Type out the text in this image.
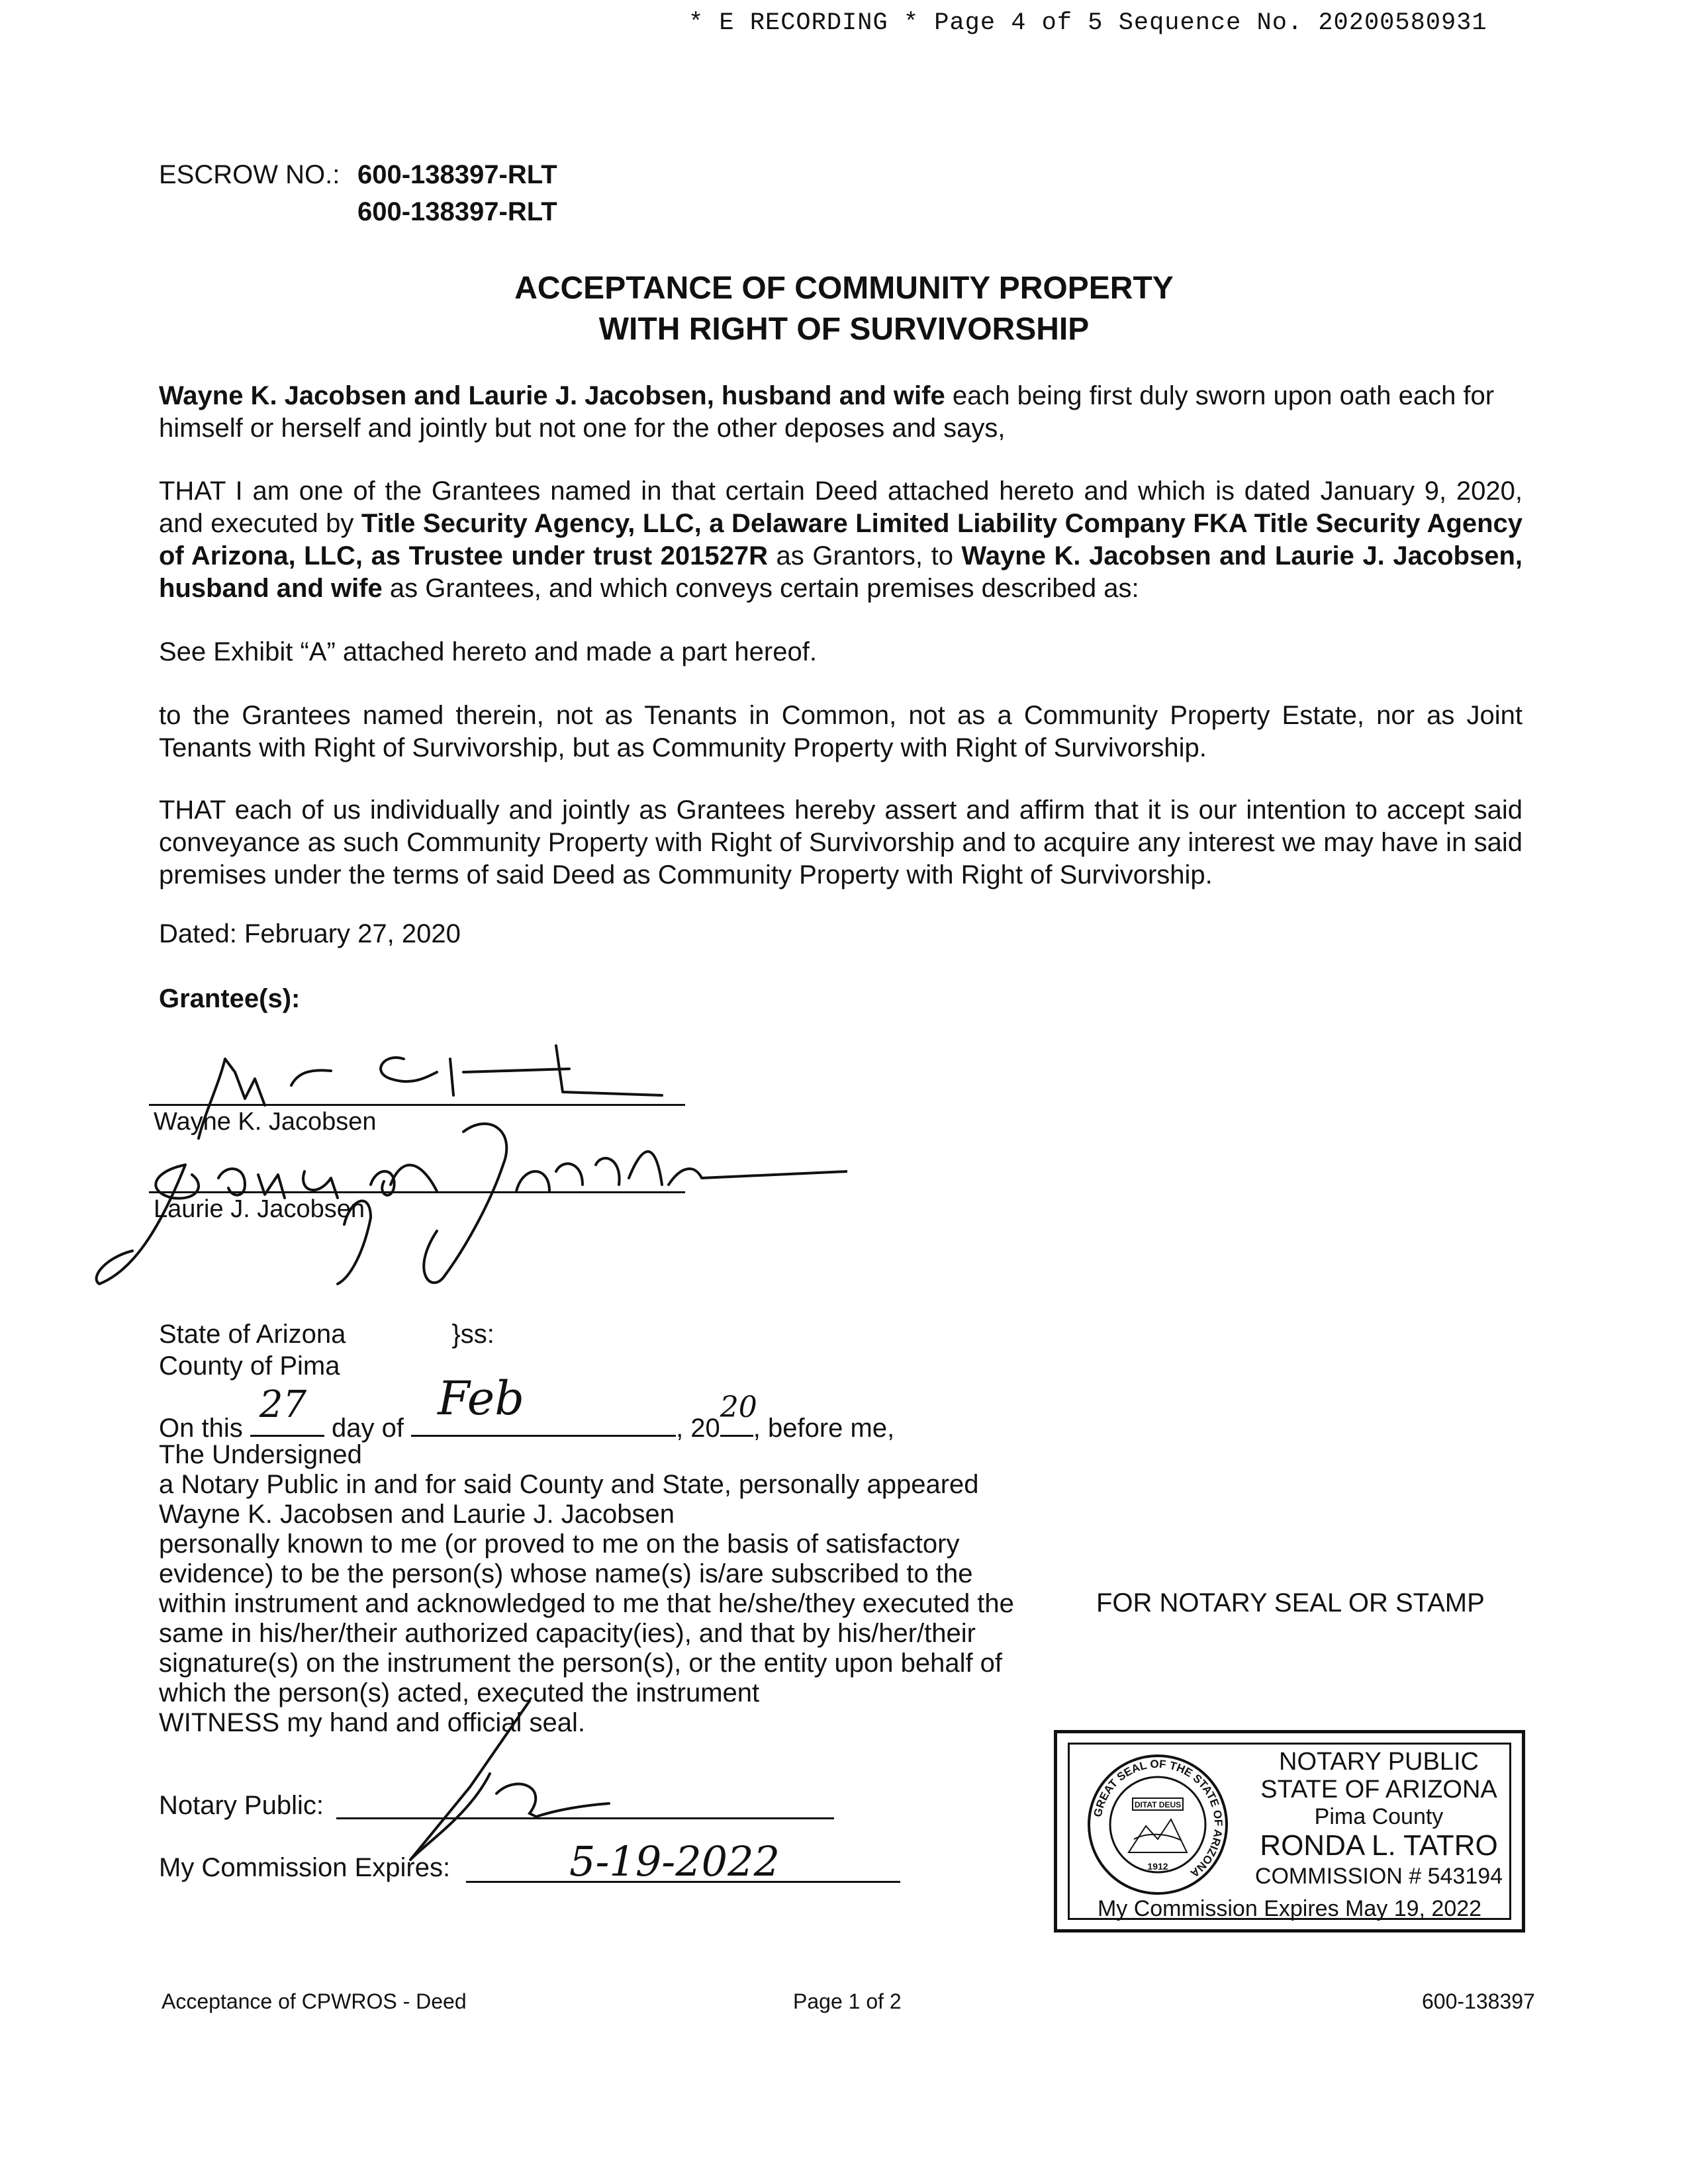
* E RECORDING * Page 4 of 5 Sequence No. 20200580931
ESCROW NO.: 600-138397-RLT
600-138397-RLT
ACCEPTANCE OF COMMUNITY PROPERTY
WITH RIGHT OF SURVIVORSHIP
Wayne K. Jacobsen and Laurie J. Jacobsen, husband and wife each being first duly sworn upon oath each for himself or herself and jointly but not one for the other deposes and says,
THAT I am one of the Grantees named in that certain Deed attached hereto and which is dated January 9, 2020, and executed by Title Security Agency, LLC, a Delaware Limited Liability Company FKA Title Security Agency of Arizona, LLC, as Trustee under trust 201527R as Grantors, to Wayne K. Jacobsen and Laurie J. Jacobsen, husband and wife as Grantees, and which conveys certain premises described as:
See Exhibit “A” attached hereto and made a part hereof.
to the Grantees named therein, not as Tenants in Common, not as a Community Property Estate, nor as Joint Tenants with Right of Survivorship, but as Community Property with Right of Survivorship.
THAT each of us individually and jointly as Grantees hereby assert and affirm that it is our intention to accept said conveyance as such Community Property with Right of Survivorship and to acquire any interest we may have in said premises under the terms of said Deed as Community Property with Right of Survivorship.
Dated: February 27, 2020
Grantee(s):
Wayne K. Jacobsen
Laurie J. Jacobsen
State of Arizona	}ss:
County of Pima
On this
27
day of
Feb
, 20
20
, before me,
The Undersigned
a Notary Public in and for said County and State, personally appeared
Wayne K. Jacobsen and Laurie J. Jacobsen
personally known to me (or proved to me on the basis of satisfactory
evidence) to be the person(s) whose name(s) is/are subscribed to the
within instrument and acknowledged to me that he/she/they executed the
same in his/her/their authorized capacity(ies), and that by his/her/their
signature(s) on the instrument the person(s), or the entity upon behalf of
which the person(s) acted, executed the instrument
WITNESS my hand and official seal.
Notary Public:
My Commission Expires:	5-19-2022
FOR NOTARY SEAL OR STAMP
GREAT SEAL OF THE STATE OF ARIZONA
DITAT DEUS
1912
NOTARY PUBLIC
STATE OF ARIZONA
Pima County
RONDA L. TATRO
COMMISSION # 543194
My Commission Expires May 19, 2022
Acceptance of CPWROS - Deed	Page 1 of 2	600-138397
